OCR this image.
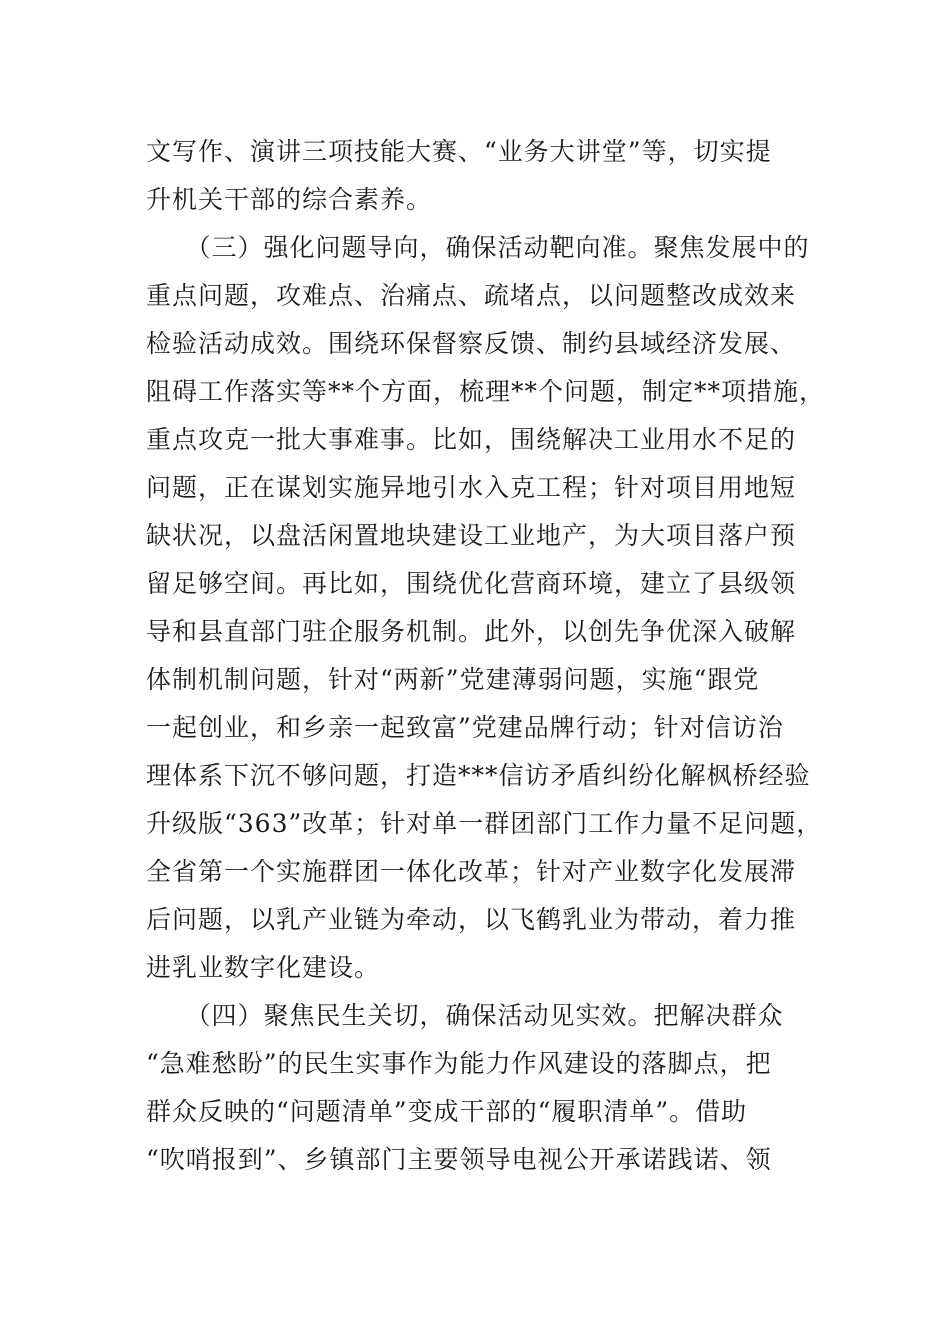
文写作、演讲三项技能大赛、“业务大讲堂”等，切实提
升机关干部的综合素养。
　　（三）强化问题导向，确保活动靶向准。聚焦发展中的
重点问题，攻难点、治痛点、疏堵点，以问题整改成效来
检验活动成效。围绕环保督察反馈、制约县域经济发展、
阻碍工作落实等**个方面，梳理**个问题，制定**项措施，
重点攻克一批大事难事。比如，围绕解决工业用水不足的
问题，正在谋划实施异地引水入克工程；针对项目用地短
缺状况，以盘活闲置地块建设工业地产，为大项目落户预
留足够空间。再比如，围绕优化营商环境，建立了县级领
导和县直部门驻企服务机制。此外，以创先争优深入破解
体制机制问题，针对“两新”党建薄弱问题，实施“跟党
一起创业，和乡亲一起致富”党建品牌行动；针对信访治
理体系下沉不够问题，打造***信访矛盾纠纷化解枫桥经验
升级版“363”改革；针对单一群团部门工作力量不足问题，
全省第一个实施群团一体化改革；针对产业数字化发展滞
后问题，以乳产业链为牵动，以飞鹤乳业为带动，着力推
进乳业数字化建设。
　　（四）聚焦民生关切，确保活动见实效。把解决群众
“急难愁盼”的民生实事作为能力作风建设的落脚点，把
群众反映的“问题清单”变成干部的“履职清单”。借助
“吹哨报到”、乡镇部门主要领导电视公开承诺践诺、领
